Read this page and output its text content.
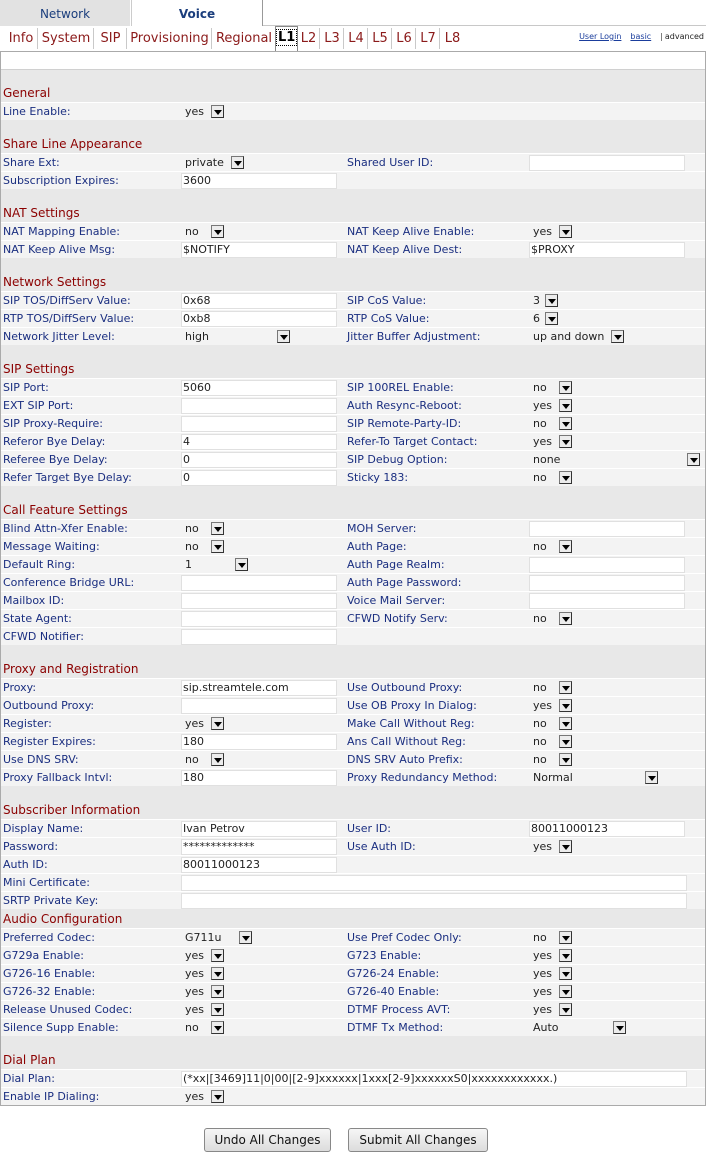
Network	Voice
Info System SIP Provisioning Regional L1 L2 L3 L4 L5 L6 L7 L8	User Login basic | advanced
General
Line Enable:	yes
Share Line Appearance
Share Ext:	private	Shared User ID:
Subscription Expires:	3600
NAT Settings
NAT Mapping Enable:	no	NAT Keep Alive Enable:	yes
NAT Keep Alive Msg:	$NOTIFY	NAT Keep Alive Dest:	$PROXY
Network Settings
SIP TOS/DiffServ Value:	0x68	SIP CoS Value:	3
RTP TOS/DiffServ Value:	0xb8	RTP CoS Value:	6
Network Jitter Level:	high	Jitter Buffer Adjustment:	up and down
SIP Settings
SIP Port:	5060	SIP 100REL Enable:	no
EXT SIP Port:	Auth Resync-Reboot:	yes
SIP Proxy-Require:	SIP Remote-Party-ID:	no
Referor Bye Delay:	4	Refer-To Target Contact:	yes
Referee Bye Delay:	0	SIP Debug Option:	none
Refer Target Bye Delay:	0	Sticky 183:	no
Call Feature Settings
Blind Attn-Xfer Enable:	no	MOH Server:
Message Waiting:	no	Auth Page:	no
Default Ring:	1	Auth Page Realm:
Conference Bridge URL:	Auth Page Password:
Mailbox ID:	Voice Mail Server:
State Agent:	CFWD Notify Serv:	no
CFWD Notifier:
Proxy and Registration
Proxy:	sip.streamtele.com	Use Outbound Proxy:	no
Outbound Proxy:	Use OB Proxy In Dialog:	yes
Register:	yes	Make Call Without Reg:	no
Register Expires:	180	Ans Call Without Reg:	no
Use DNS SRV:	no	DNS SRV Auto Prefix:	no
Proxy Fallback Intvl:	180	Proxy Redundancy Method:	Normal
Subscriber Information
Display Name:	Ivan Petrov	User ID:	80011000123
Password:	*************	Use Auth ID:	yes
Auth ID:	80011000123
Mini Certificate:
SRTP Private Key:
Audio Configuration
Preferred Codec:	G711u	Use Pref Codec Only:	no
G729a Enable:	yes	G723 Enable:	yes
G726-16 Enable:	yes	G726-24 Enable:	yes
G726-32 Enable:	yes	G726-40 Enable:	yes
Release Unused Codec:	yes	DTMF Process AVT:	yes
Silence Supp Enable:	no	DTMF Tx Method:	Auto
Dial Plan
Dial Plan:	(*xx|[3469]11|0|00|[2-9]xxxxxx|1xxx[2-9]xxxxxxS0|xxxxxxxxxxxx.)
Enable IP Dialing:	yes
Undo All Changes	Submit All Changes
